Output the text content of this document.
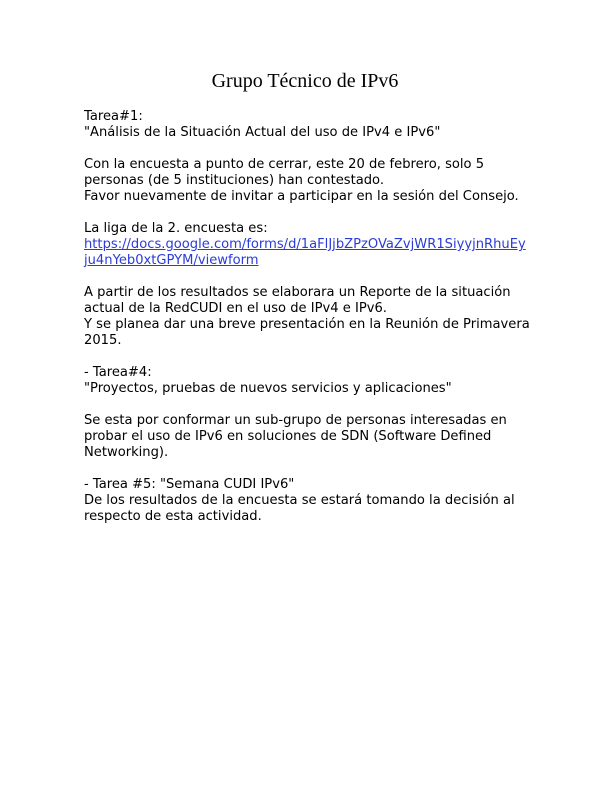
Grupo Técnico de IPv6
Tarea#1:
"Análisis de la Situación Actual del uso de IPv4 e IPv6"
Con la encuesta a punto de cerrar, este 20 de febrero, solo 5
personas (de 5 instituciones) han contestado.
Favor nuevamente de invitar a participar en la sesión del Consejo.
La liga de la 2. encuesta es:
https://docs.google.com/forms/d/1aFlJjbZPzOVaZvjWR1SiyyjnRhuEy
ju4nYeb0xtGPYM/viewform
A partir de los resultados se elaborara un Reporte de la situación
actual de la RedCUDI en el uso de IPv4 e IPv6.
Y se planea dar una breve presentación en la Reunión de Primavera
2015.
- Tarea#4:
"Proyectos, pruebas de nuevos servicios y aplicaciones"
Se esta por conformar un sub-grupo de personas interesadas en
probar el uso de IPv6 en soluciones de SDN (Software Defined
Networking).
- Tarea #5: "Semana CUDI IPv6"
De los resultados de la encuesta se estará tomando la decisión al
respecto de esta actividad.
